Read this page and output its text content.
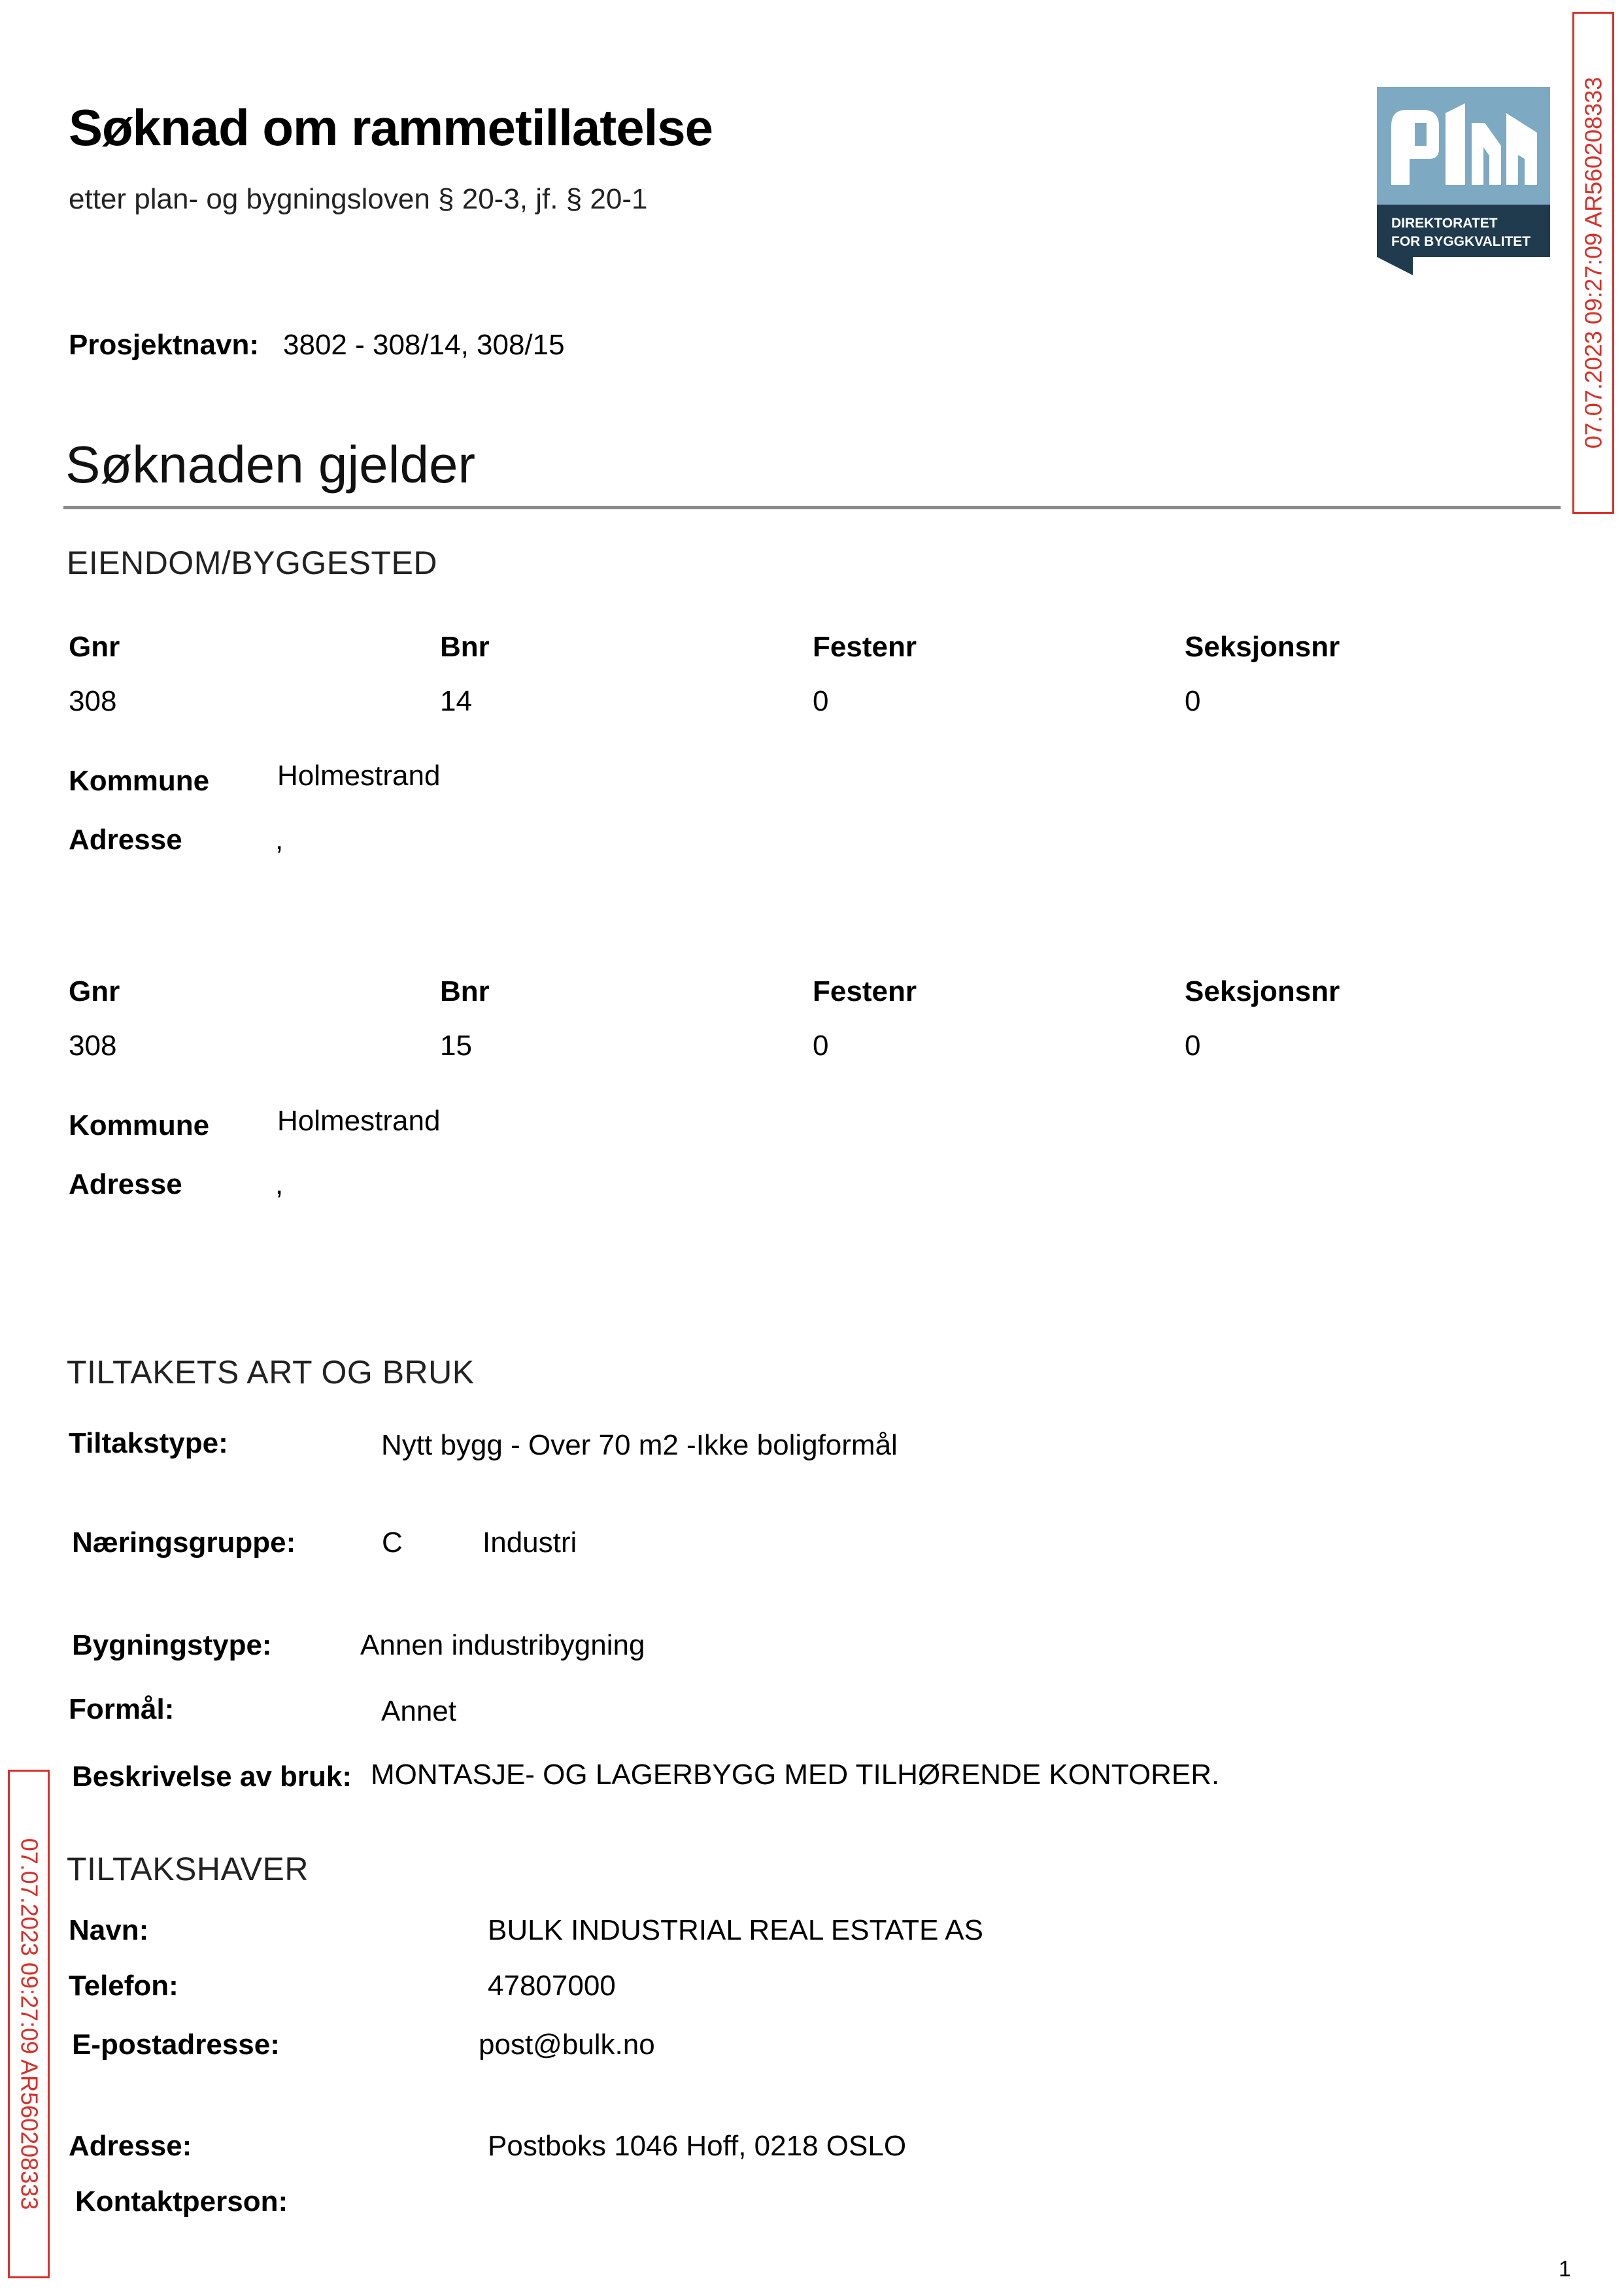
Søknad om rammetillatelse
etter plan- og bygningsloven § 20-3, jf. § 20-1
DIREKTORATET
FOR BYGGKVALITET 07.07.2023 09:27:09 AR560208333
07.07.2023 09:27:09 AR560208333
Prosjektnavn: 3802 - 308/14, 308/15
Søknaden gjelder
EIENDOM/BYGGESTED
Gnr	Bnr	Festenr	Seksjonsnr
308	14	0	0
Kommune Holmestrand
Adresse	,
Gnr	Bnr	Festenr	Seksjonsnr
308	15	0	0
Kommune Holmestrand
Adresse	,
TILTAKETS ART OG BRUK
Tiltakstype:	Nytt bygg - Over 70 m2 -Ikke boligformål
Næringsgruppe:	C	Industri
Bygningstype:	Annen industribygning
Formål:	Annet
Beskrivelse av bruk: MONTASJE- OG LAGERBYGG MED TILHØRENDE KONTORER.
TILTAKSHAVER
Navn:	BULK INDUSTRIAL REAL ESTATE AS
Telefon:	47807000
E-postadresse:	post@bulk.no
Adresse:	Postboks 1046 Hoff, 0218 OSLO
Kontaktperson:
1
